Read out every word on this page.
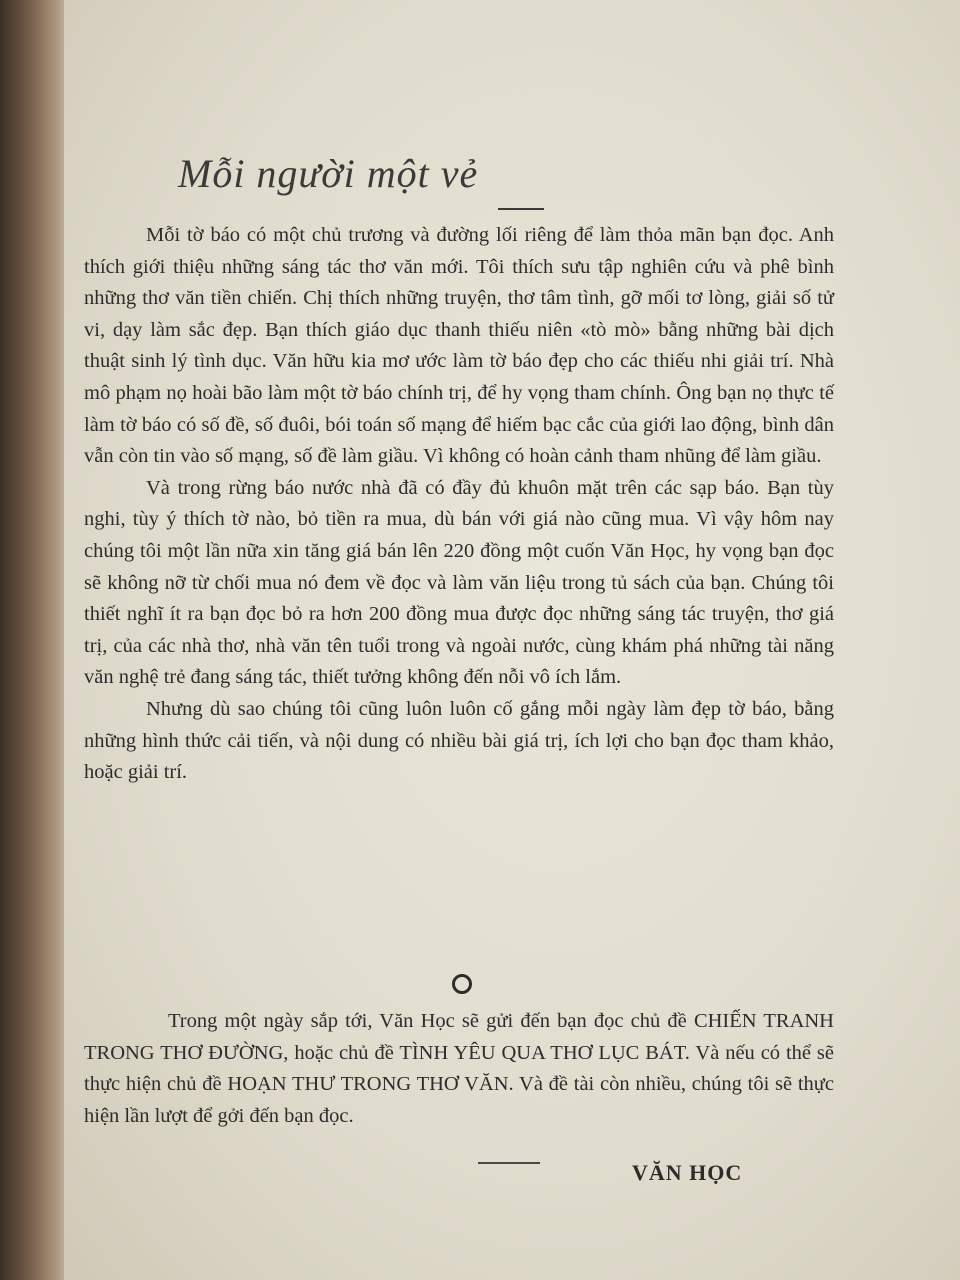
Mỗi người một vẻ

Mỗi tờ báo có một chủ trương và đường lối riêng để làm thỏa mãn bạn đọc. Anh thích giới thiệu những sáng tác thơ văn mới. Tôi thích sưu tập nghiên cứu và phê bình những thơ văn tiền chiến. Chị thích những truyện, thơ tâm tình, gỡ mối tơ lòng, giải số tử vi, dạy làm sắc đẹp. Bạn thích giáo dục thanh thiếu niên «tò mò» bằng những bài dịch thuật sinh lý tình dục. Văn hữu kia mơ ước làm tờ báo đẹp cho các thiếu nhi giải trí. Nhà mô phạm nọ hoài bão làm một tờ báo chính trị, để hy vọng tham chính. Ông bạn nọ thực tế làm tờ báo có số đề, số đuôi, bói toán số mạng để hiếm bạc cắc của giới lao động, bình dân vẫn còn tin vào số mạng, số đề làm giầu. Vì không có hoàn cảnh tham nhũng để làm giầu.

Và trong rừng báo nước nhà đã có đầy đủ khuôn mặt trên các sạp báo. Bạn tùy nghi, tùy ý thích tờ nào, bỏ tiền ra mua, dù bán với giá nào cũng mua. Vì vậy hôm nay chúng tôi một lần nữa xin tăng giá bán lên 220 đồng một cuốn Văn Học, hy vọng bạn đọc sẽ không nỡ từ chối mua nó đem về đọc và làm văn liệu trong tủ sách của bạn. Chúng tôi thiết nghĩ ít ra bạn đọc bỏ ra hơn 200 đồng mua được đọc những sáng tác truyện, thơ giá trị, của các nhà thơ, nhà văn tên tuổi trong và ngoài nước, cùng khám phá những tài năng văn nghệ trẻ đang sáng tác, thiết tưởng không đến nỗi vô ích lắm.

Nhưng dù sao chúng tôi cũng luôn luôn cố gắng mỗi ngày làm đẹp tờ báo, bằng những hình thức cải tiến, và nội dung có nhiều bài giá trị, ích lợi cho bạn đọc tham khảo, hoặc giải trí.

Trong một ngày sắp tới, Văn Học sẽ gửi đến bạn đọc chủ đề CHIẾN TRANH TRONG THƠ ĐƯỜNG, hoặc chủ đề TÌNH YÊU QUA THƠ LỤC BÁT. Và nếu có thể sẽ thực hiện chủ đề HOẠN THƯ TRONG THƠ VĂN. Và đề tài còn nhiều, chúng tôi sẽ thực hiện lần lượt để gởi đến bạn đọc.

VĂN HỌC
